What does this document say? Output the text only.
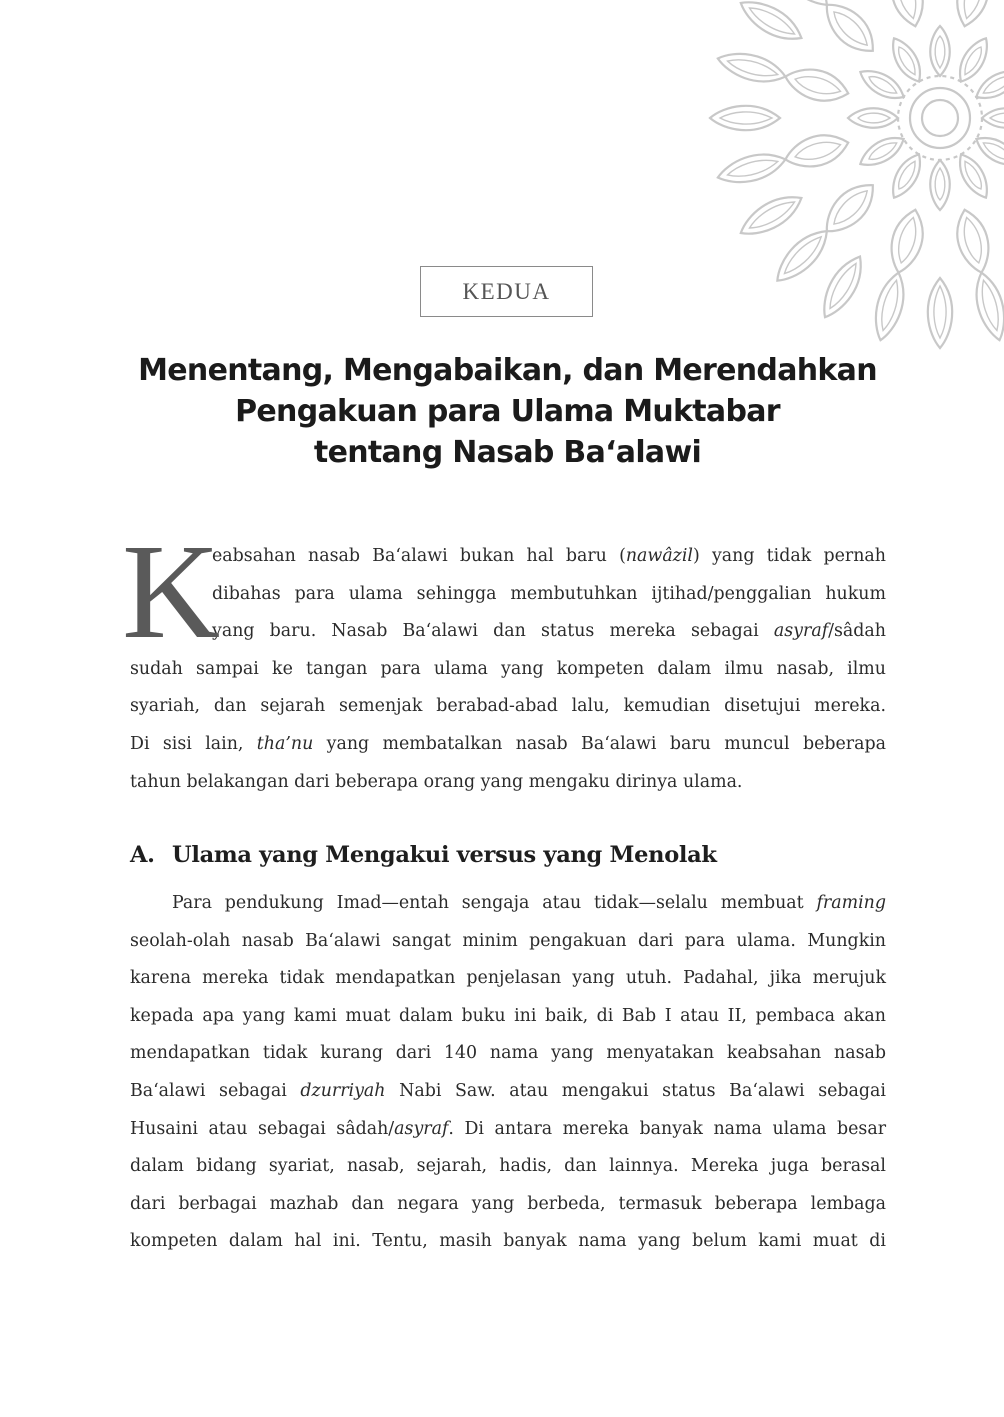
KEDUA
Menentang, Mengabaikan, dan Merendahkan
Pengakuan para Ulama Muktabar
tentang Nasab Ba‘alawi
K
eabsahan nasab Ba‘alawi bukan hal baru (nawâzil) yang tidak pernah
dibahas para ulama sehingga membutuhkan ijtihad/penggalian hukum
yang baru. Nasab Ba‘alawi dan status mereka sebagai asyraf/sâdah
sudah sampai ke tangan para ulama yang kompeten dalam ilmu nasab, ilmu
syariah, dan sejarah semenjak berabad-abad lalu, kemudian disetujui mereka.
Di sisi lain, tha’nu yang membatalkan nasab Ba‘alawi baru muncul beberapa
tahun belakangan dari beberapa orang yang mengaku dirinya ulama.
A. Ulama yang Mengakui versus yang Menolak
Para pendukung Imad—entah sengaja atau tidak—selalu membuat framing
seolah-olah nasab Ba‘alawi sangat minim pengakuan dari para ulama. Mungkin
karena mereka tidak mendapatkan penjelasan yang utuh. Padahal, jika merujuk
kepada apa yang kami muat dalam buku ini baik, di Bab I atau II, pembaca akan
mendapatkan tidak kurang dari 140 nama yang menyatakan keabsahan nasab
Ba‘alawi sebagai dzurriyah Nabi Saw. atau mengakui status Ba‘alawi sebagai
Husaini atau sebagai sâdah/asyraf. Di antara mereka banyak nama ulama besar
dalam bidang syariat, nasab, sejarah, hadis, dan lainnya. Mereka juga berasal
dari berbagai mazhab dan negara yang berbeda, termasuk beberapa lembaga
kompeten dalam hal ini. Tentu, masih banyak nama yang belum kami muat di
